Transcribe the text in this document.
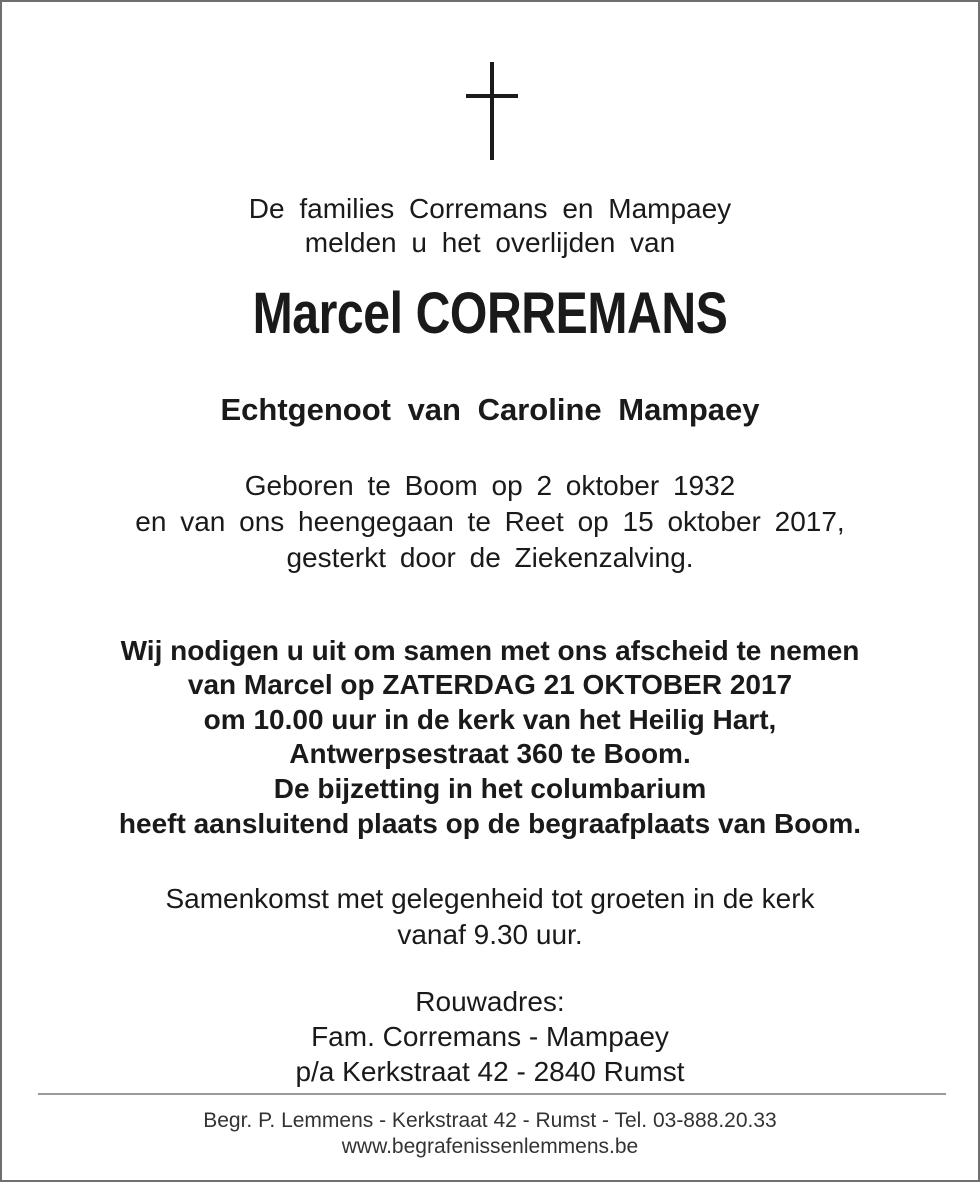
De families Corremans en Mampaey
melden u het overlijden van
Marcel CORREMANS
Echtgenoot van Caroline Mampaey
Geboren te Boom op 2 oktober 1932
en van ons heengegaan te Reet op 15 oktober 2017,
gesterkt door de Ziekenzalving.
Wij nodigen u uit om samen met ons afscheid te nemen
van Marcel op ZATERDAG 21 OKTOBER 2017
om 10.00 uur in de kerk van het Heilig Hart,
Antwerpsestraat 360 te Boom.
De bijzetting in het columbarium
heeft aansluitend plaats op de begraafplaats van Boom.
Samenkomst met gelegenheid tot groeten in de kerk
vanaf 9.30 uur.
Rouwadres:
Fam. Corremans - Mampaey
p/a Kerkstraat 42 - 2840 Rumst
Begr. P. Lemmens - Kerkstraat 42 - Rumst - Tel. 03-888.20.33
www.begrafenissenlemmens.be
